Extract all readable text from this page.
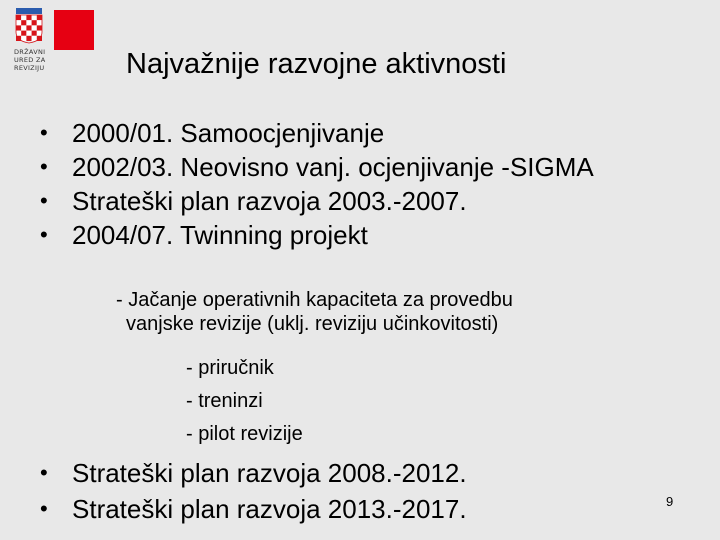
DRŽAVNI
URED ZA
REVIZIJU	Najvažnije razvojne aktivnosti
• 2000/01. Samoocjenjivanje
• 2002/03. Neovisno vanj. ocjenjivanje -SIGMA
• Strateški plan razvoja 2003.-2007.
• 2004/07. Twinning projekt
- Jačanje operativnih kapaciteta za provedbu
vanjske revizije (uklj. reviziju učinkovitosti)
- priručnik
- treninzi
- pilot revizije
• Strateški plan razvoja 2008.-2012.
• Strateški plan razvoja 2013.-2017.	9
